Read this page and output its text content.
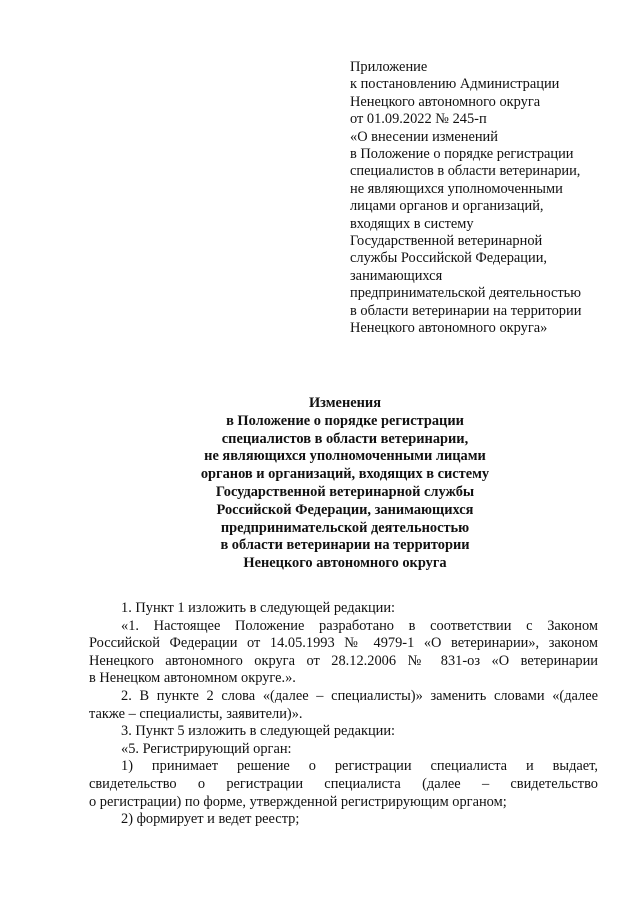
Приложение
к постановлению Администрации
Ненецкого автономного округа
от 01.09.2022 № 245-п
«О внесении изменений
в Положение о порядке регистрации
специалистов в области ветеринарии,
не являющихся уполномоченными
лицами органов и организаций,
входящих в систему
Государственной ветеринарной
службы Российской Федерации,
занимающихся
предпринимательской деятельностью
в области ветеринарии на территории
Ненецкого автономного округа»
Изменения
в Положение о порядке регистрации
специалистов в области ветеринарии,
не являющихся уполномоченными лицами
органов и организаций, входящих в систему
Государственной ветеринарной службы
Российской Федерации, занимающихся
предпринимательской деятельностью
в области ветеринарии на территории
Ненецкого автономного округа
1. Пункт 1 изложить в следующей редакции:
«1. Настоящее Положение разработано в соответствии с Законом
Российской Федерации от 14.05.1993 № 4979-1 «О ветеринарии», законом
Ненецкого автономного округа от 28.12.2006 № 831-оз «О ветеринарии
в Ненецком автономном округе.».
2. В пункте 2 слова «(далее – специалисты)» заменить словами «(далее
также – специалисты, заявители)».
3. Пункт 5 изложить в следующей редакции:
«5. Регистрирующий орган:
1) принимает решение о регистрации специалиста и выдает,
свидетельство о регистрации специалиста (далее – свидетельство
о регистрации) по форме, утвержденной регистрирующим органом;
2) формирует и ведет реестр;
